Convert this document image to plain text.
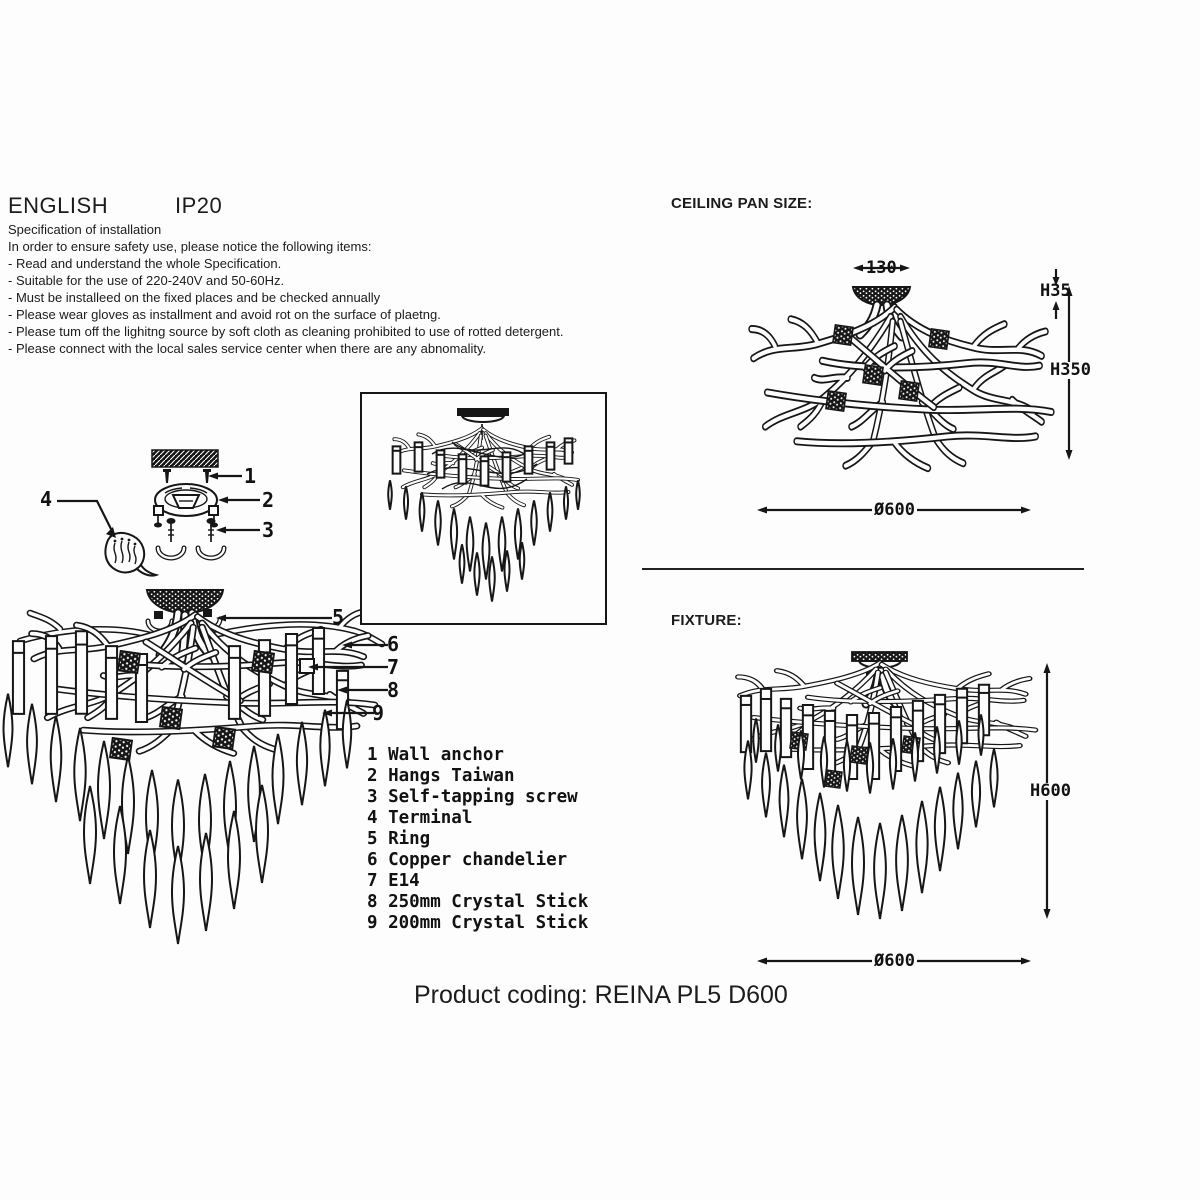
ENGLISH	IP20
Specification of installation
In order to ensure safety use, please notice the following items:
- Read and understand the whole Specification.
- Suitable for the use of 220-240V and 50-60Hz.
- Must be installeed on the fixed places and be checked annually
- Please wear gloves as installment and avoid rot on the surface of plaetng.
- Please tum off the lighitng source by soft cloth as cleaning prohibited to use of rotted detergent.
- Please connect with the local sales service center when there are any abnomality.
1
2
3
4
5
6
7
8
9
1 Wall anchor
2 Hangs Taiwan
3 Self-tapping screw
4 Terminal
5 Ring
6 Copper chandelier
7 E14
8 250mm Crystal Stick
9 200mm Crystal Stick
CEILING PAN SIZE:
130
H35
H350
Ø600
FIXTURE:
H600
Ø600
Product coding: REINA PL5 D600
